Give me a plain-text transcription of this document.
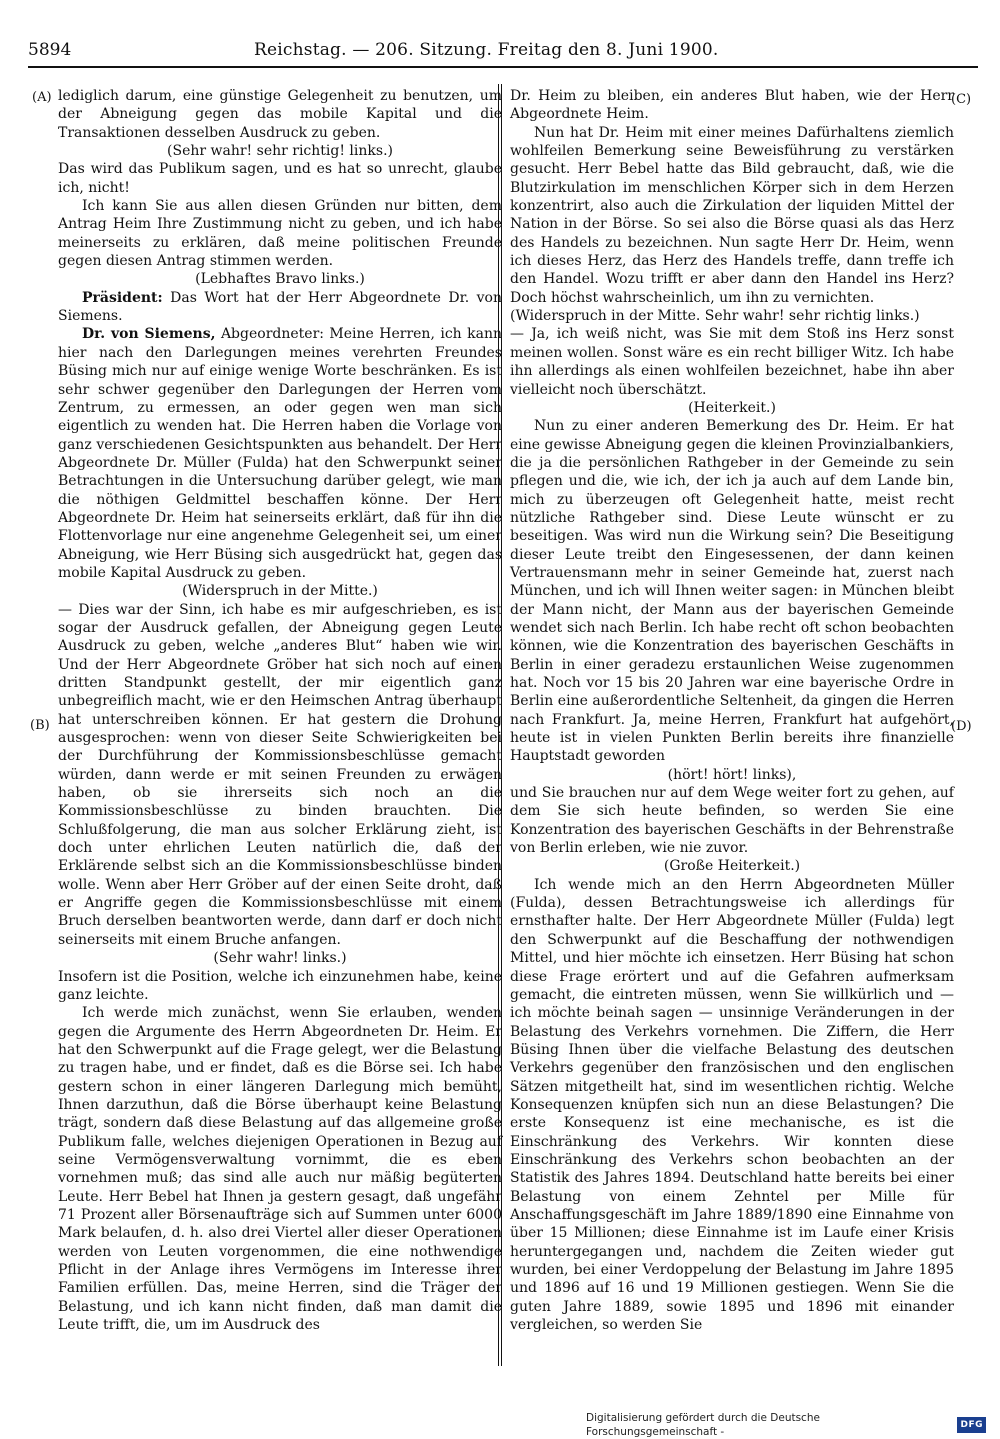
5894	Reichstag. — 206. Sitzung. Freitag den 8. Juni 1900.
(A)
(B)
(C)
(D)

lediglich darum, eine günstige Gelegenheit zu benutzen, um der Abneigung gegen das mobile Kapital und die Transaktionen desselben Ausdruck zu geben.

(Sehr wahr! sehr richtig! links.)

Das wird das Publikum sagen, und es hat so unrecht, glaube ich, nicht!

Ich kann Sie aus allen diesen Gründen nur bitten, dem Antrag Heim Ihre Zustimmung nicht zu geben, und ich habe meinerseits zu erklären, daß meine politischen Freunde gegen diesen Antrag stimmen werden.

(Lebhaftes Bravo links.)

Präsident: Das Wort hat der Herr Abgeordnete Dr. von Siemens.

Dr. von Siemens, Abgeordneter: Meine Herren, ich kann hier nach den Darlegungen meines verehrten Freundes Büsing mich nur auf einige wenige Worte beschränken. Es ist sehr schwer gegenüber den Darlegungen der Herren vom Zentrum, zu ermessen, an oder gegen wen man sich eigentlich zu wenden hat. Die Herren haben die Vorlage von ganz verschiedenen Gesichtspunkten aus behandelt. Der Herr Abgeordnete Dr. Müller (Fulda) hat den Schwerpunkt seiner Betrachtungen in die Untersuchung darüber gelegt, wie man die nöthigen Geldmittel beschaffen könne. Der Herr Abgeordnete Dr. Heim hat seinerseits erklärt, daß für ihn die Flottenvorlage nur eine angenehme Gelegenheit sei, um einer Abneigung, wie Herr Büsing sich ausgedrückt hat, gegen das mobile Kapital Ausdruck zu geben.

(Widerspruch in der Mitte.)

— Dies war der Sinn, ich habe es mir aufgeschrieben, es ist sogar der Ausdruck gefallen, der Abneigung gegen Leute Ausdruck zu geben, welche „anderes Blut“ haben wie wir. Und der Herr Abgeordnete Gröber hat sich noch auf einen dritten Standpunkt gestellt, der mir eigentlich ganz unbegreiflich macht, wie er den Heimschen Antrag überhaupt hat unterschreiben können. Er hat gestern die Drohung ausgesprochen: wenn von dieser Seite Schwierigkeiten bei der Durchführung der Kommissionsbeschlüsse gemacht würden, dann werde er mit seinen Freunden zu erwägen haben, ob sie ihrerseits sich noch an die Kommissionsbeschlüsse zu binden brauchten. Die Schlußfolgerung, die man aus solcher Erklärung zieht, ist doch unter ehrlichen Leuten natürlich die, daß der Erklärende selbst sich an die Kommissionsbeschlüsse binden wolle. Wenn aber Herr Gröber auf der einen Seite droht, daß er Angriffe gegen die Kommissionsbeschlüsse mit einem Bruch derselben beantworten werde, dann darf er doch nicht seinerseits mit einem Bruche anfangen.

(Sehr wahr! links.)

Insofern ist die Position, welche ich einzunehmen habe, keine ganz leichte.

Ich werde mich zunächst, wenn Sie erlauben, wenden gegen die Argumente des Herrn Abgeordneten Dr. Heim. Er hat den Schwerpunkt auf die Frage gelegt, wer die Belastung zu tragen habe, und er findet, daß es die Börse sei. Ich habe gestern schon in einer längeren Darlegung mich bemüht, Ihnen darzuthun, daß die Börse überhaupt keine Belastung trägt, sondern daß diese Belastung auf das allgemeine große Publikum falle, welches diejenigen Operationen in Bezug auf seine Vermögensverwaltung vornimmt, die es eben vornehmen muß; das sind alle auch nur mäßig begüterten Leute. Herr Bebel hat Ihnen ja gestern gesagt, daß ungefähr 71 Prozent aller Börsenaufträge sich auf Summen unter 6000 Mark belaufen, d. h. also drei Viertel aller dieser Operationen werden von Leuten vorgenommen, die eine nothwendige Pflicht in der Anlage ihres Vermögens im Interesse ihrer Familien erfüllen. Das, meine Herren, sind die Träger der Belastung, und ich kann nicht finden, daß man damit die Leute trifft, die, um im Ausdruck des

Dr. Heim zu bleiben, ein anderes Blut haben, wie der Herr Abgeordnete Heim.

Nun hat Dr. Heim mit einer meines Dafürhaltens ziemlich wohlfeilen Bemerkung seine Beweisführung zu verstärken gesucht. Herr Bebel hatte das Bild gebraucht, daß, wie die Blutzirkulation im menschlichen Körper sich in dem Herzen konzentrirt, also auch die Zirkulation der liquiden Mittel der Nation in der Börse. So sei also die Börse quasi als das Herz des Handels zu bezeichnen. Nun sagte Herr Dr. Heim, wenn ich dieses Herz, das Herz des Handels treffe, dann treffe ich den Handel. Wozu trifft er aber dann den Handel ins Herz? Doch höchst wahrscheinlich, um ihn zu vernichten.

(Widerspruch in der Mitte. Sehr wahr! sehr richtig links.)

— Ja, ich weiß nicht, was Sie mit dem Stoß ins Herz sonst meinen wollen. Sonst wäre es ein recht billiger Witz. Ich habe ihn allerdings als einen wohlfeilen bezeichnet, habe ihn aber vielleicht noch überschätzt.

(Heiterkeit.)

Nun zu einer anderen Bemerkung des Dr. Heim. Er hat eine gewisse Abneigung gegen die kleinen Provinzialbankiers, die ja die persönlichen Rathgeber in der Gemeinde zu sein pflegen und die, wie ich, der ich ja auch auf dem Lande bin, mich zu überzeugen oft Gelegenheit hatte, meist recht nützliche Rathgeber sind. Diese Leute wünscht er zu beseitigen. Was wird nun die Wirkung sein? Die Beseitigung dieser Leute treibt den Eingesessenen, der dann keinen Vertrauensmann mehr in seiner Gemeinde hat, zuerst nach München, und ich will Ihnen weiter sagen: in München bleibt der Mann nicht, der Mann aus der bayerischen Gemeinde wendet sich nach Berlin. Ich habe recht oft schon beobachten können, wie die Konzentration des bayerischen Geschäfts in Berlin in einer geradezu erstaunlichen Weise zugenommen hat. Noch vor 15 bis 20 Jahren war eine bayerische Ordre in Berlin eine außerordentliche Seltenheit, da gingen die Herren nach Frankfurt. Ja, meine Herren, Frankfurt hat aufgehört, heute ist in vielen Punkten Berlin bereits ihre finanzielle Hauptstadt geworden

(hört! hört! links),

und Sie brauchen nur auf dem Wege weiter fort zu gehen, auf dem Sie sich heute befinden, so werden Sie eine Konzentration des bayerischen Geschäfts in der Behrenstraße von Berlin erleben, wie nie zuvor.

(Große Heiterkeit.)

Ich wende mich an den Herrn Abgeordneten Müller (Fulda), dessen Betrachtungsweise ich allerdings für ernsthafter halte. Der Herr Abgeordnete Müller (Fulda) legt den Schwerpunkt auf die Beschaffung der nothwendigen Mittel, und hier möchte ich einsetzen. Herr Büsing hat schon diese Frage erörtert und auf die Gefahren aufmerksam gemacht, die eintreten müssen, wenn Sie willkürlich und — ich möchte beinah sagen — unsinnige Veränderungen in der Belastung des Verkehrs vornehmen. Die Ziffern, die Herr Büsing Ihnen über die vielfache Belastung des deutschen Verkehrs gegenüber den französischen und den englischen Sätzen mitgetheilt hat, sind im wesentlichen richtig. Welche Konsequenzen knüpfen sich nun an diese Belastungen? Die erste Konsequenz ist eine mechanische, es ist die Einschränkung des Verkehrs. Wir konnten diese Einschränkung des Verkehrs schon beobachten an der Statistik des Jahres 1894. Deutschland hatte bereits bei einer Belastung von einem Zehntel per Mille für Anschaffungsgeschäft im Jahre 1889/1890 eine Einnahme von über 15 Millionen; diese Einnahme ist im Laufe einer Krisis heruntergegangen und, nachdem die Zeiten wieder gut wurden, bei einer Verdoppelung der Belastung im Jahre 1895 und 1896 auf 16 und 19 Millionen gestiegen. Wenn Sie die guten Jahre 1889, sowie 1895 und 1896 mit einander vergleichen, so werden Sie

Digitalisierung gefördert durch die Deutsche Forschungsgemeinschaft -
DFG
